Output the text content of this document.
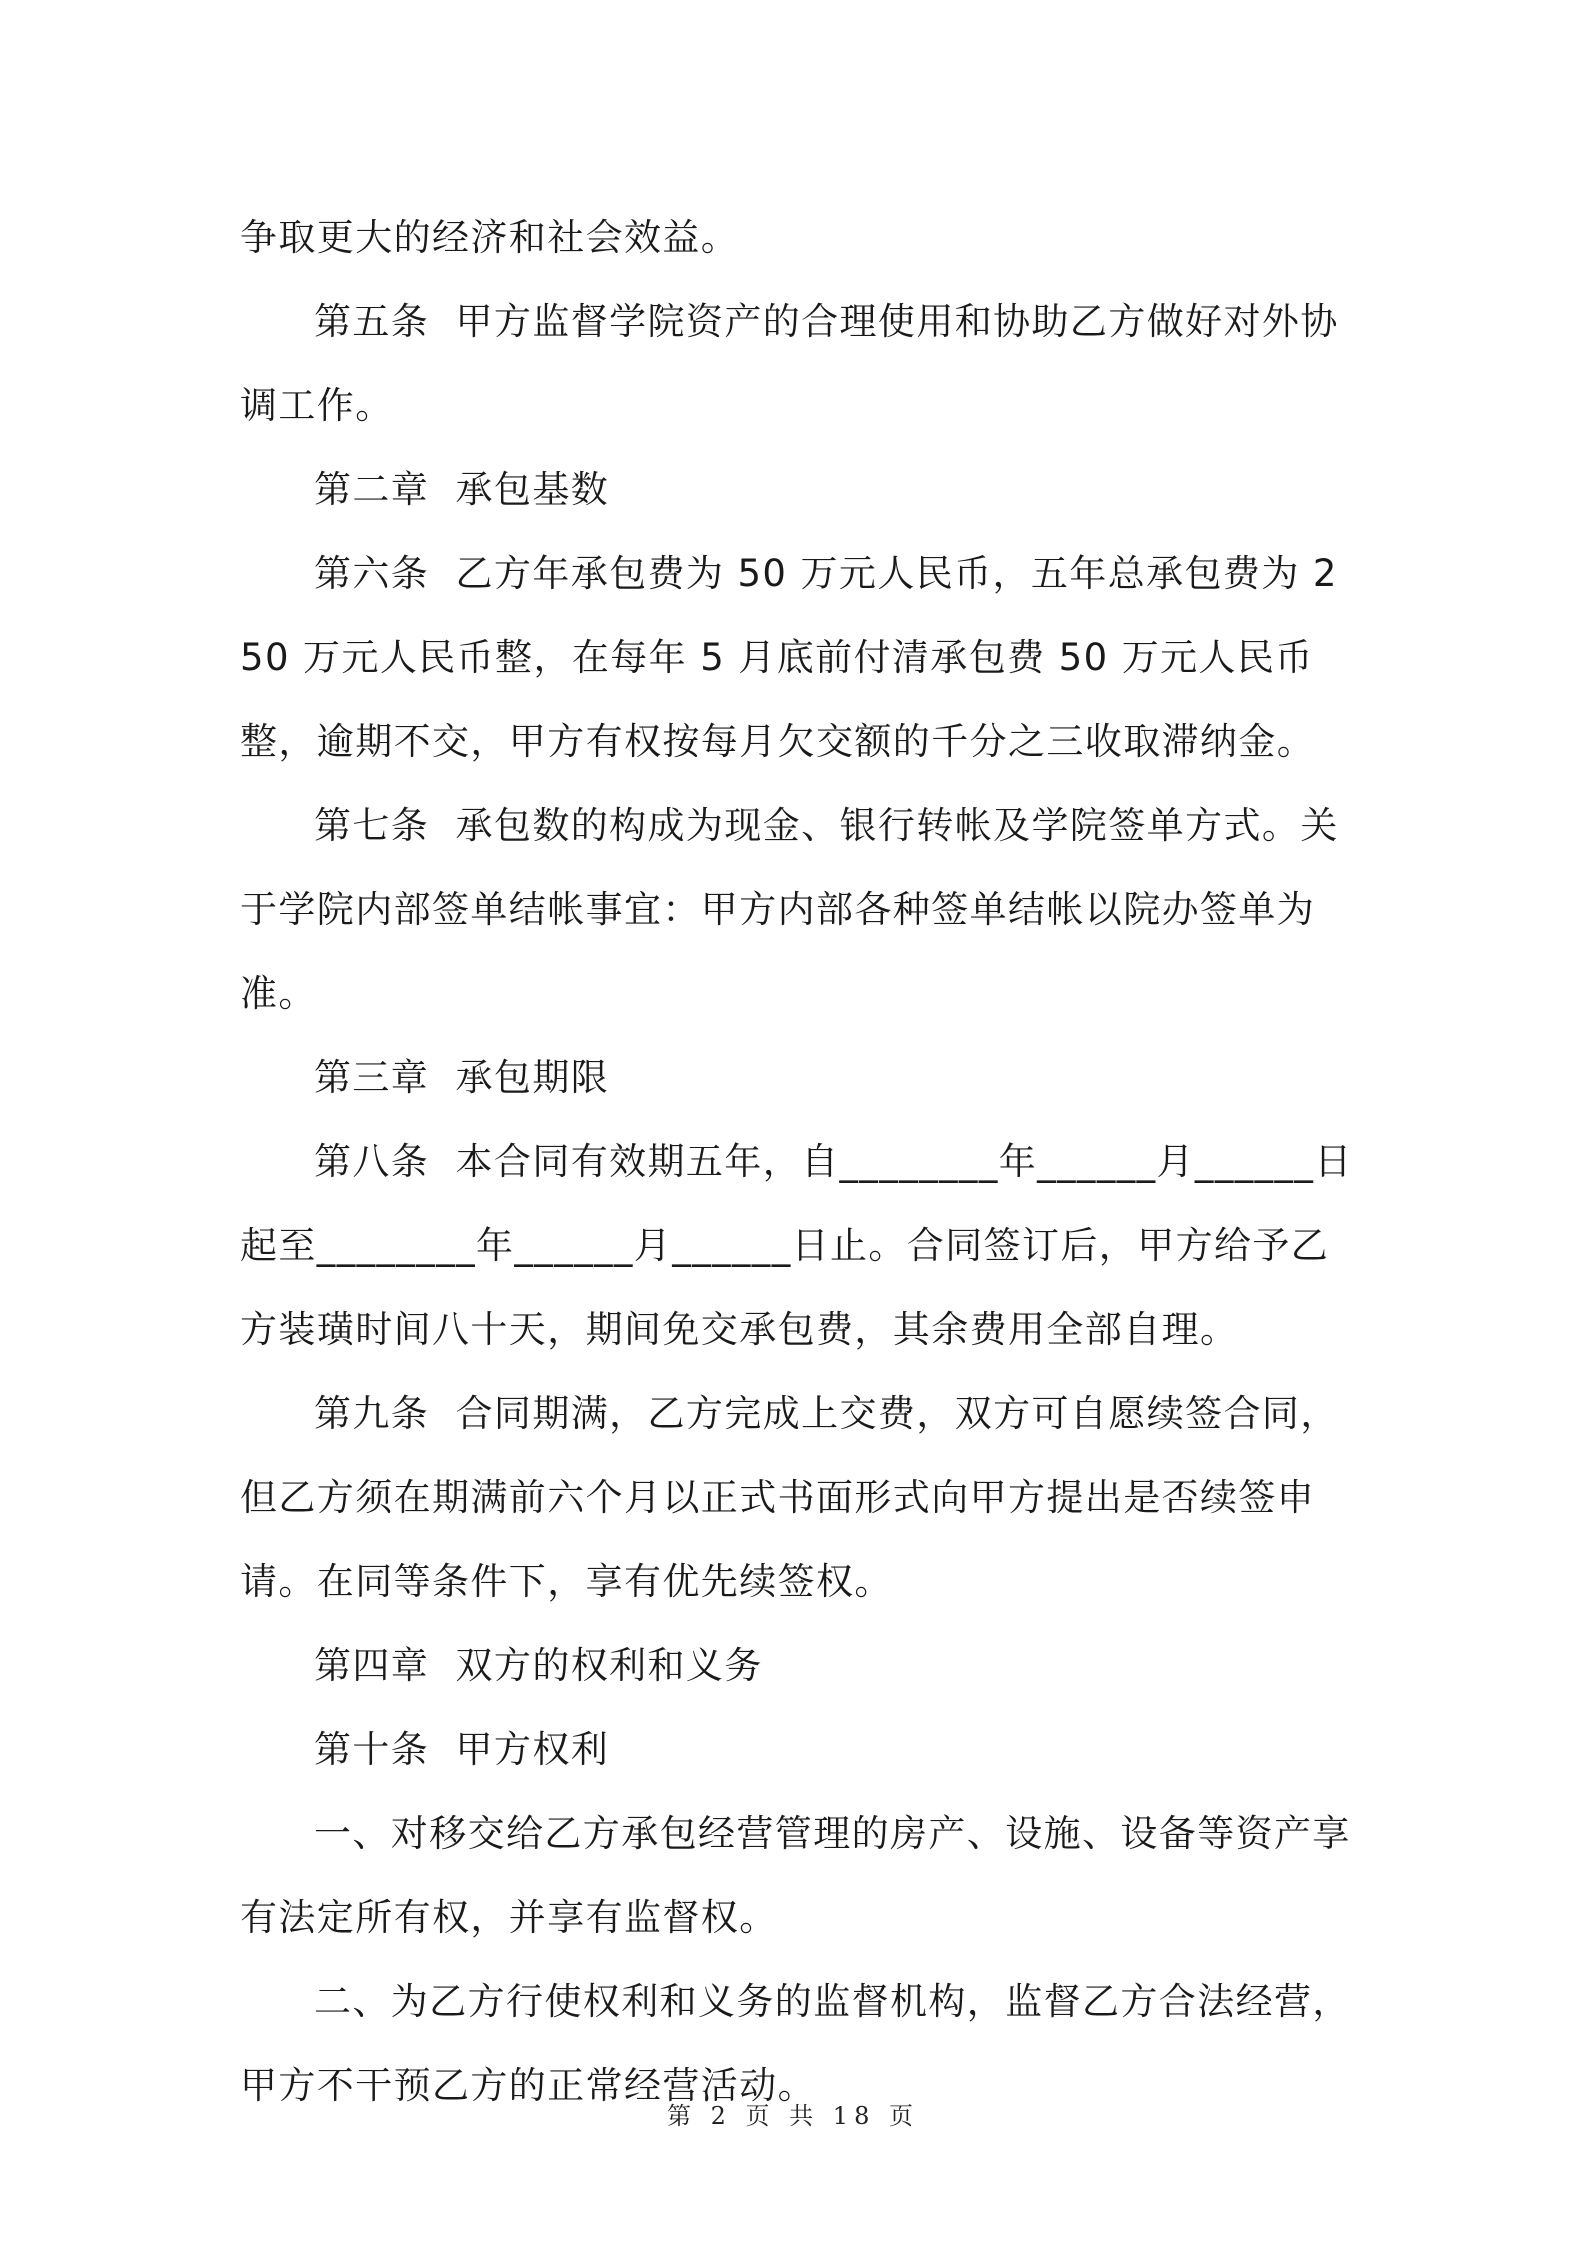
争取更大的经济和社会效益。

第五条  甲方监督学院资产的合理使用和协助乙方做好对外协调工作。

第二章  承包基数

第六条  乙方年承包费为 50 万元人民币，五年总承包费为 250 万元人民币整，在每年 5 月底前付清承包费 50 万元人民币整，逾期不交，甲方有权按每月欠交额的千分之三收取滞纳金。

第七条  承包数的构成为现金、银行转帐及学院签单方式。关于学院内部签单结帐事宜：甲方内部各种签单结帐以院办签单为准。

第三章  承包期限

第八条  本合同有效期五年，自________年______月______日起至________年______月______日止。合同签订后，甲方给予乙方装璜时间八十天，期间免交承包费，其余费用全部自理。

第九条  合同期满，乙方完成上交费，双方可自愿续签合同，但乙方须在期满前六个月以正式书面形式向甲方提出是否续签申请。在同等条件下，享有优先续签权。

第四章  双方的权利和义务

第十条  甲方权利

一、对移交给乙方承包经营管理的房产、设施、设备等资产享有法定所有权，并享有监督权。

二、为乙方行使权利和义务的监督机构，监督乙方合法经营，甲方不干预乙方的正常经营活动。

第 2 页 共 18 页
